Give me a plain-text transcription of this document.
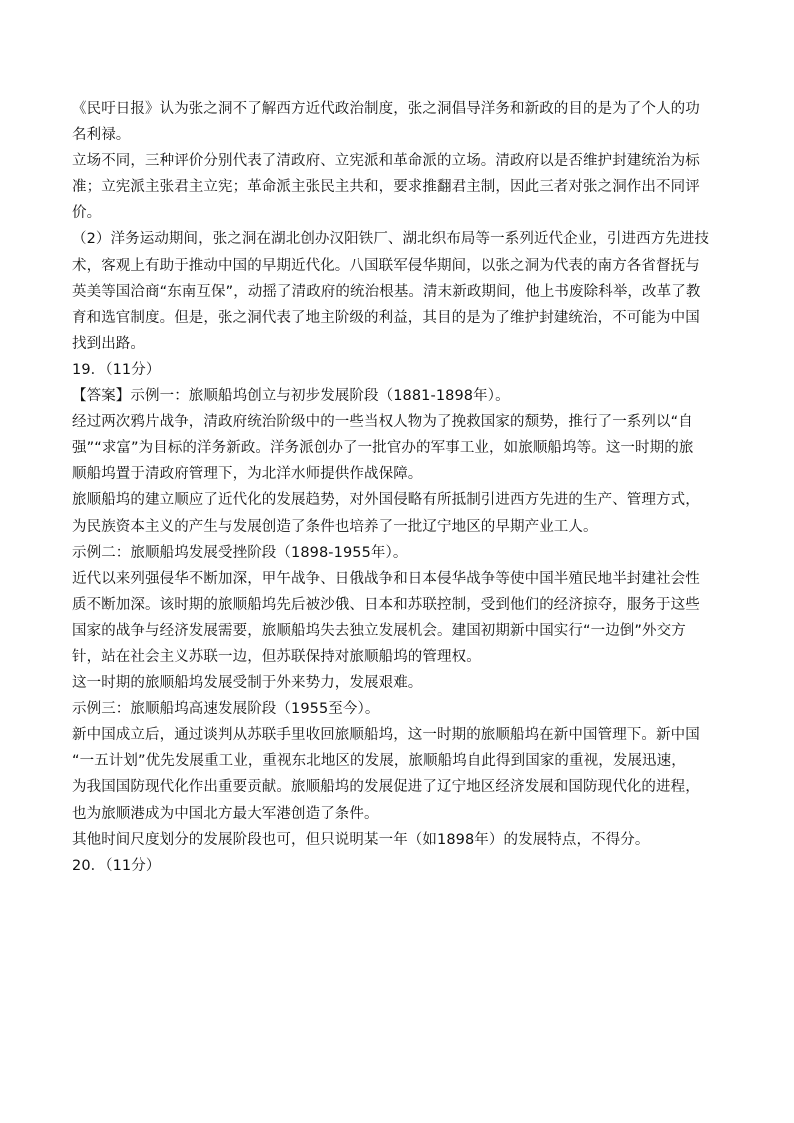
《民吁日报》认为张之洞不了解西方近代政治制度，张之洞倡导洋务和新政的目的是为了个人的功
名利禄。
立场不同，三种评价分别代表了清政府、立宪派和革命派的立场。清政府以是否维护封建统治为标
准；立宪派主张君主立宪；革命派主张民主共和，要求推翻君主制，因此三者对张之洞作出不同评
价。
（2）洋务运动期间，张之洞在湖北创办汉阳铁厂、湖北织布局等一系列近代企业，引进西方先进技
术，客观上有助于推动中国的早期近代化。八国联军侵华期间，以张之洞为代表的南方各省督抚与
英美等国洽商“东南互保”，动摇了清政府的统治根基。清末新政期间，他上书废除科举，改革了教
育和选官制度。但是，张之洞代表了地主阶级的利益，其目的是为了维护封建统治，不可能为中国
找到出路。
19．（11分）
【答案】示例一：旅顺船坞创立与初步发展阶段（1881-1898年）。
经过两次鸦片战争，清政府统治阶级中的一些当权人物为了挽救国家的颓势，推行了一系列以“自
强”“求富”为目标的洋务新政。洋务派创办了一批官办的军事工业，如旅顺船坞等。这一时期的旅
顺船坞置于清政府管理下，为北洋水师提供作战保障。
旅顺船坞的建立顺应了近代化的发展趋势，对外国侵略有所抵制引进西方先进的生产、管理方式，
为民族资本主义的产生与发展创造了条件也培养了一批辽宁地区的早期产业工人。
示例二：旅顺船坞发展受挫阶段（1898-1955年）。
近代以来列强侵华不断加深，甲午战争、日俄战争和日本侵华战争等使中国半殖民地半封建社会性
质不断加深。该时期的旅顺船坞先后被沙俄、日本和苏联控制，受到他们的经济掠夺，服务于这些
国家的战争与经济发展需要，旅顺船坞失去独立发展机会。建国初期新中国实行“一边倒”外交方
针，站在社会主义苏联一边，但苏联保持对旅顺船坞的管理权。
这一时期的旅顺船坞发展受制于外来势力，发展艰难。
示例三：旅顺船坞高速发展阶段（1955至今）。
新中国成立后，通过谈判从苏联手里收回旅顺船坞，这一时期的旅顺船坞在新中国管理下。新中国
“一五计划”优先发展重工业，重视东北地区的发展，旅顺船坞自此得到国家的重视，发展迅速，
为我国国防现代化作出重要贡献。旅顺船坞的发展促进了辽宁地区经济发展和国防现代化的进程，
也为旅顺港成为中国北方最大军港创造了条件。
其他时间尺度划分的发展阶段也可，但只说明某一年（如1898年）的发展特点，不得分。
20．（11分）
